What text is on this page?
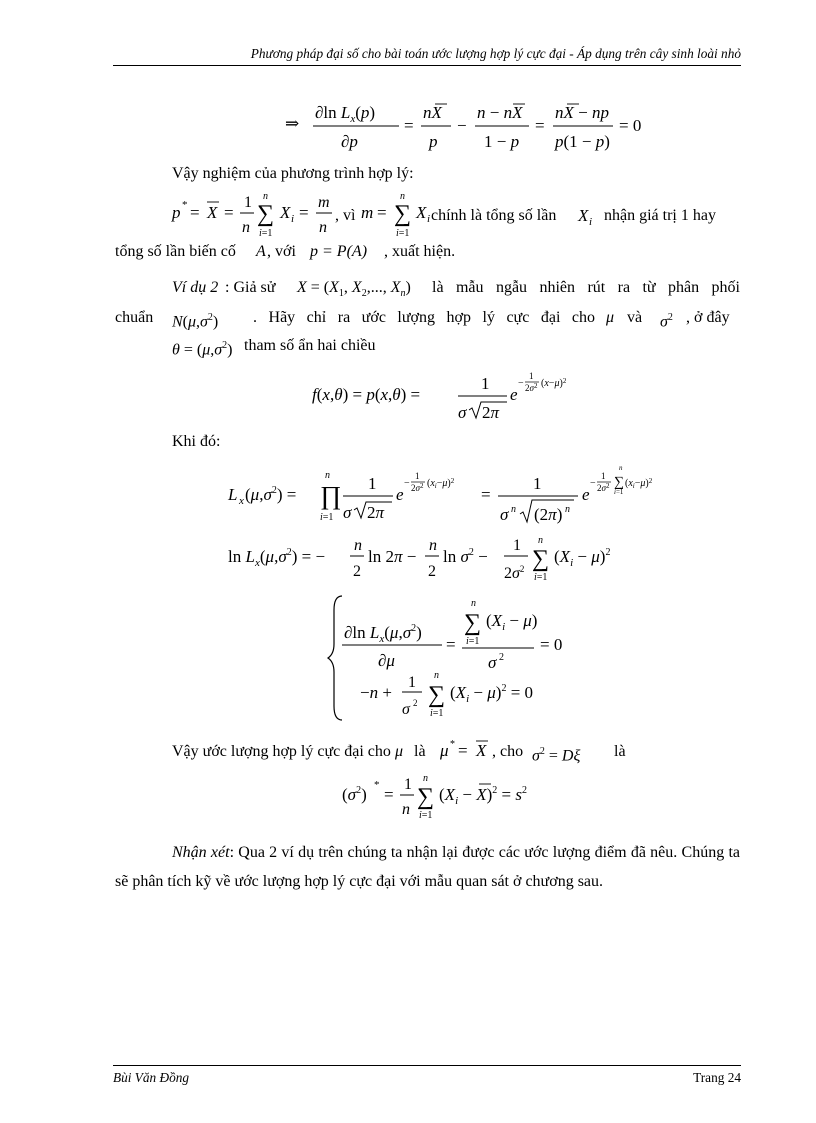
Phương pháp đại số cho bài toán ước lượng hợp lý cực đại - Áp dụng trên cây sinh loài nhỏ
⇒
∂ln $L_x(p)$
∂p
=
nX
p
−
n − nX
1 − p
=
nX − np
p(1 − p)
= 0
Vậy nghiệm của phương trình hợp lý:
p * = X =
1
n
n
∑
i=1
X i =
m
n
, vì m =
n
∑
i=1
X i chính là tổng số lần X i nhận giá trị 1 hay
tổng số lần biến cố A , với p = P(A) , xuất hiện.
Ví dụ 2 : Giả sử $X = (X_1$, $X_2$,..., $X_n$) là mẫu ngẫu nhiên rút ra từ phân phối
chuẩn $N(\mu,\sigma^2)$ . Hãy chỉ ra ước lượng hợp lý cực đại cho μ và $\sigma^2$ , ở đây
$\theta = (\mu,\sigma^2)$ tham số ẩn hai chiều
f(x,θ) = p(x,θ) =
1
σ 2π
e
−
1
$2\sigma^2$ $(x-\mu)^2$
Khi đó:
L x $(\mu,\sigma^2)$ =
n
∏
i=1
1
σ 2π
e
−
1
$2\sigma^2$ $(x_i-\mu)^2$
=
1
σ n (2π) n
e
−
1
$2\sigma^2$
n
∑
i=1
$(x_i-\mu)^2$
$\ln L_x(\mu,\sigma^2)$ = −
n
2
ln 2π −
n
2
$\ln \sigma^2$ −
1
$2\sigma^2$
n
∑
i=1
$(X_i - \mu)^2$
∂ln $L_x(\mu,\sigma^2)$
∂μ
=
n
∑
i=1
$(X_i - \mu)$
σ 2
= 0
−n +
1
σ 2
n
∑
i=1
$(X_i - \mu)^2 = 0$
Vậy ước lượng hợp lý cực đại cho μ là μ * = X , cho $\sigma^2 = D\xi$ là
$(\sigma^2)$ * =
1
n
n
∑
i=1
$(X_i - X)^2 = s^2$
Nhận xét: Qua 2 ví dụ trên chúng ta nhận lại được các ước lượng điểm đã nêu. Chúng ta sẽ phân tích kỹ về ước lượng hợp lý cực đại với mẫu quan sát ở chương sau.
Bùi Văn Đồng	Trang 24
